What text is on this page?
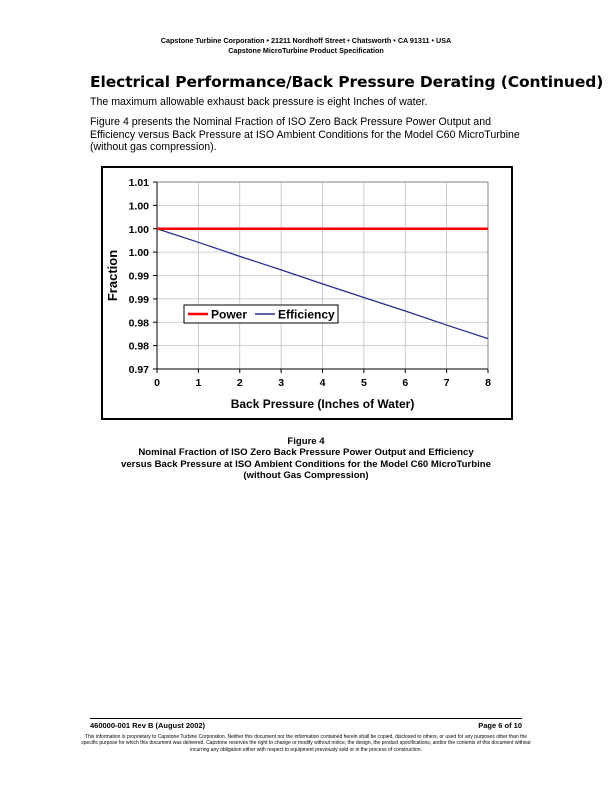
Capstone Turbine Corporation • 21211 Nordhoff Street • Chatsworth • CA 91311 • USA
Capstone MicroTurbine Product Specification
Electrical Performance/Back Pressure Derating (Continued)

The maximum allowable exhaust back pressure is eight Inches of water.

Figure 4 presents the Nominal Fraction of ISO Zero Back Pressure Power Output and Efficiency versus Back Pressure at ISO Ambient Conditions for the Model C60 MicroTurbine (without gas compression).

0.97
0.98
0.98
0.99
0.99
1.00
1.00
1.00
1.01
0	1	2	3	4	5	6	7	8
Fraction
Back Pressure (Inches of Water)
Power	Efficiency
Figure 4
Nominal Fraction of ISO Zero Back Pressure Power Output and Efficiency
versus Back Pressure at ISO Ambient Conditions for the Model C60 MicroTurbine
(without Gas Compression)
460000-001 Rev B (August 2002)	Page 6 of 10
This information is proprietary to Capstone Turbine Corporation. Neither this document nor the information contained herein shall be copied, disclosed to others, or used for any purposes other than the specific purpose for which this document was delivered. Capstone reserves the right to change or modify without notice, the design, the product specifications, and/or the contents of this document without incurring any obligation either with respect to equipment previously sold or in the process of construction.
